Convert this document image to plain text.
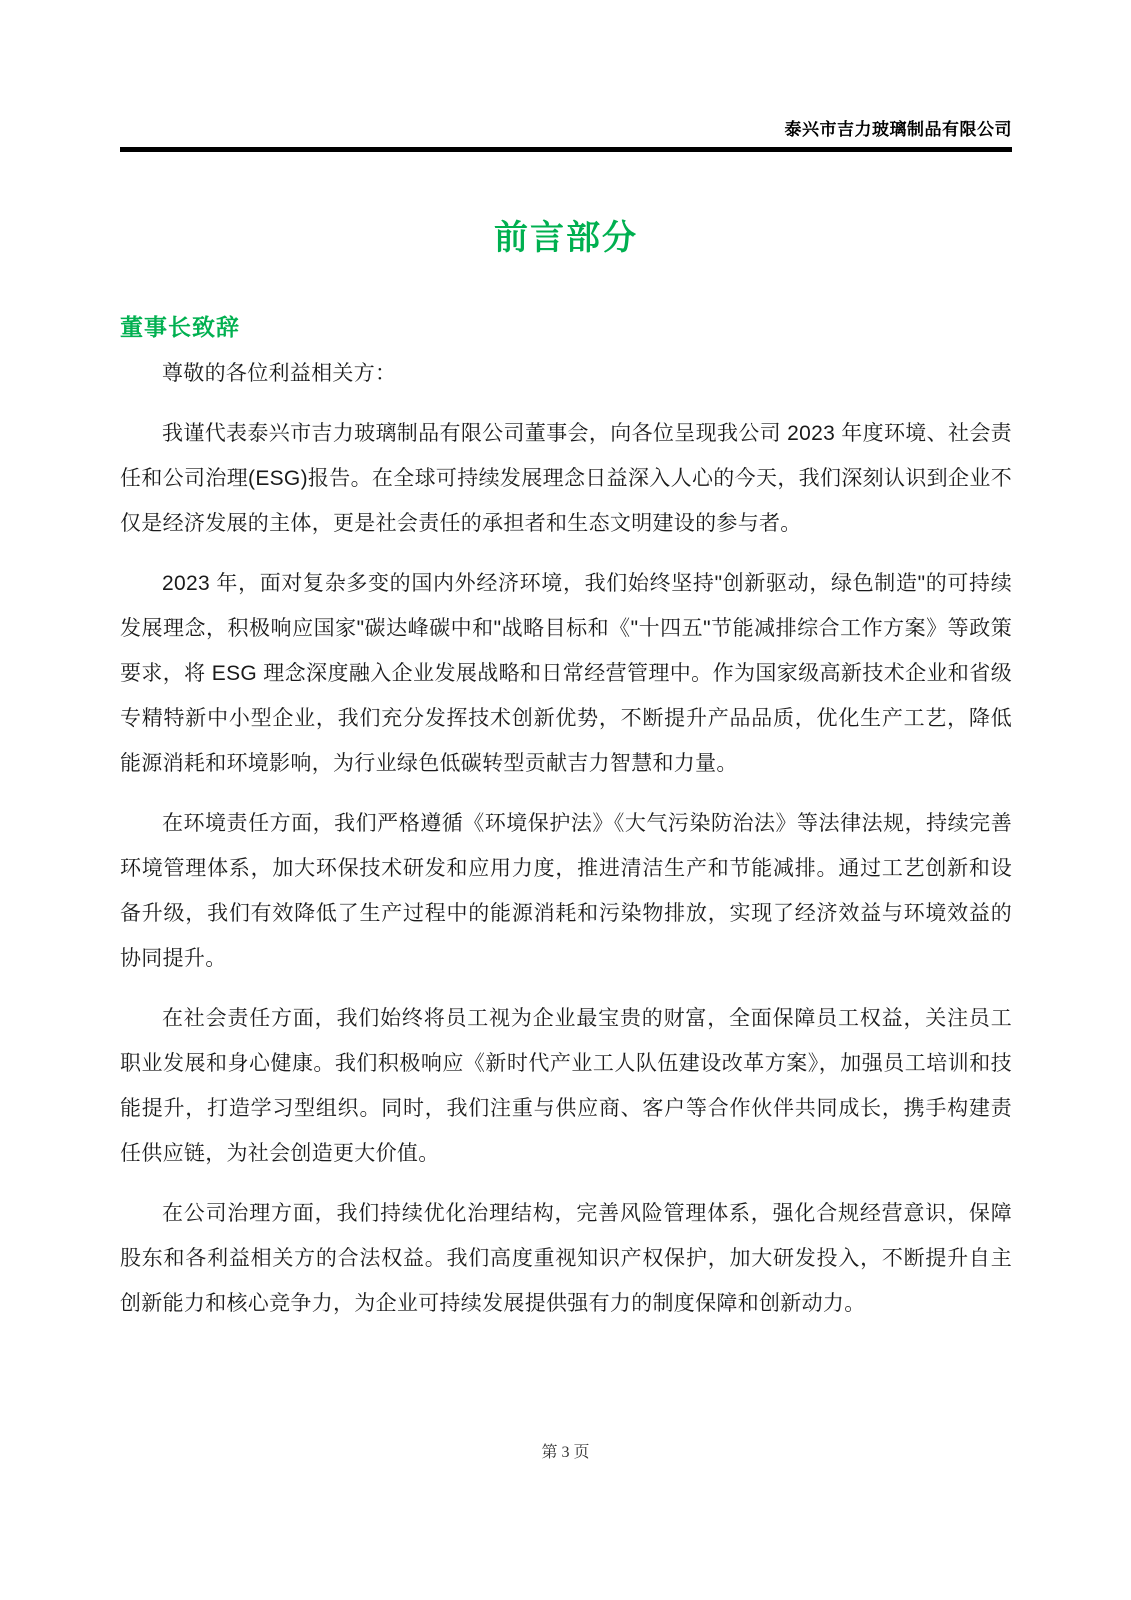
泰兴市吉力玻璃制品有限公司
前言部分
董事长致辞

尊敬的各位利益相关方：

我谨代表泰兴市吉力玻璃制品有限公司董事会，向各位呈现我公司 2023 年度环境、社会责任和公司治理(ESG)报告。在全球可持续发展理念日益深入人心的今天，我们深刻认识到企业不仅是经济发展的主体，更是社会责任的承担者和生态文明建设的参与者。

2023 年，面对复杂多变的国内外经济环境，我们始终坚持"创新驱动，绿色制造"的可持续发展理念，积极响应国家"碳达峰碳中和"战略目标和《"十四五"节能减排综合工作方案》等政策要求，将 ESG 理念深度融入企业发展战略和日常经营管理中。作为国家级高新技术企业和省级专精特新中小型企业，我们充分发挥技术创新优势，不断提升产品品质，优化生产工艺，降低能源消耗和环境影响，为行业绿色低碳转型贡献吉力智慧和力量。

在环境责任方面，我们严格遵循《环境保护法》《大气污染防治法》等法律法规，持续完善环境管理体系，加大环保技术研发和应用力度，推进清洁生产和节能减排。通过工艺创新和设备升级，我们有效降低了生产过程中的能源消耗和污染物排放，实现了经济效益与环境效益的协同提升。

在社会责任方面，我们始终将员工视为企业最宝贵的财富，全面保障员工权益，关注员工职业发展和身心健康。我们积极响应《新时代产业工人队伍建设改革方案》，加强员工培训和技能提升，打造学习型组织。同时，我们注重与供应商、客户等合作伙伴共同成长，携手构建责任供应链，为社会创造更大价值。

在公司治理方面，我们持续优化治理结构，完善风险管理体系，强化合规经营意识，保障股东和各利益相关方的合法权益。我们高度重视知识产权保护，加大研发投入，不断提升自主创新能力和核心竞争力，为企业可持续发展提供强有力的制度保障和创新动力。

第 3 页
